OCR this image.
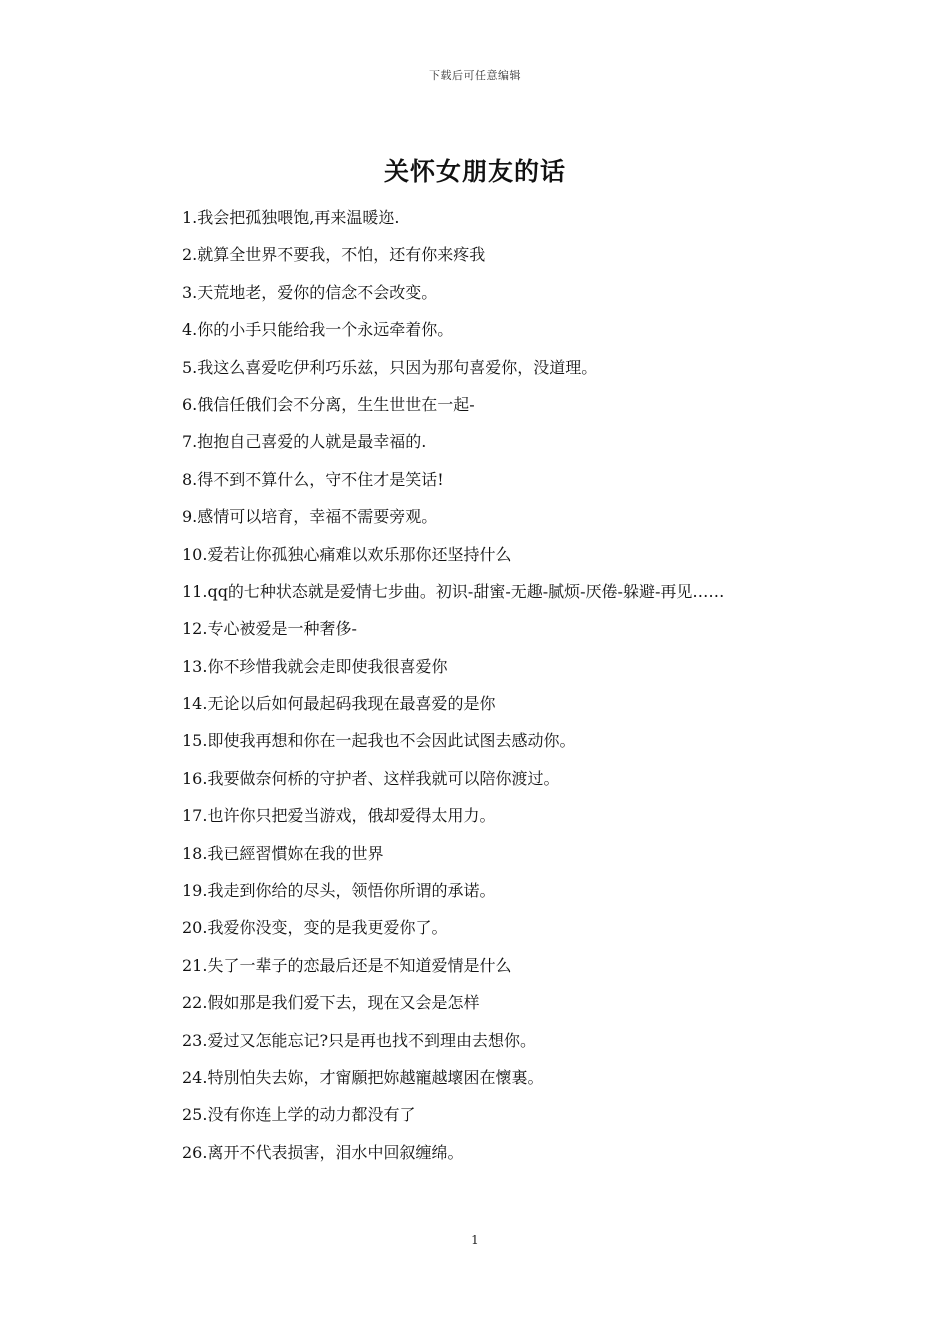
下载后可任意编辑
关怀女朋友的话
1.我会把孤独喂饱,再来温暖迩.
2.就算全世界不要我，不怕，还有你来疼我
3.天荒地老，爱你的信念不会改变。
4.你的小手只能给我一个永远牵着你。
5.我这么喜爱吃伊利巧乐兹，只因为那句喜爱你，没道理。
6.俄信任俄们会不分离，生生世世在一起-
7.抱抱自己喜爱的人就是最幸福的.
8.得不到不算什么，守不住才是笑话!
9.感情可以培育，幸福不需要旁观。
10.爱若让你孤独心痛难以欢乐那你还坚持什么
11.qq的七种状态就是爱情七步曲。初识-甜蜜-无趣-腻烦-厌倦-躲避-再见……
12.专心被爱是一种奢侈-
13.你不珍惜我就会走即使我很喜爱你
14.无论以后如何最起码我现在最喜爱的是你
15.即使我再想和你在一起我也不会因此试图去感动你。
16.我要做奈何桥的守护者、这样我就可以陪你渡过。
17.也许你只把爱当游戏，俄却爱得太用力。
18.我已經習慣妳在我的世界
19.我走到你给的尽头，领悟你所谓的承诺。
20.我爱你没变，变的是我更爱你了。
21.失了一辈子的恋最后还是不知道爱情是什么
22.假如那是我们爱下去，现在又会是怎样
23.爱过又怎能忘记?只是再也找不到理由去想你。
24.特別怕失去妳，才甯願把妳越寵越壞困在懷裏。
25.没有你连上学的动力都没有了
26.离开不代表损害，泪水中回叙缠绵。
1
